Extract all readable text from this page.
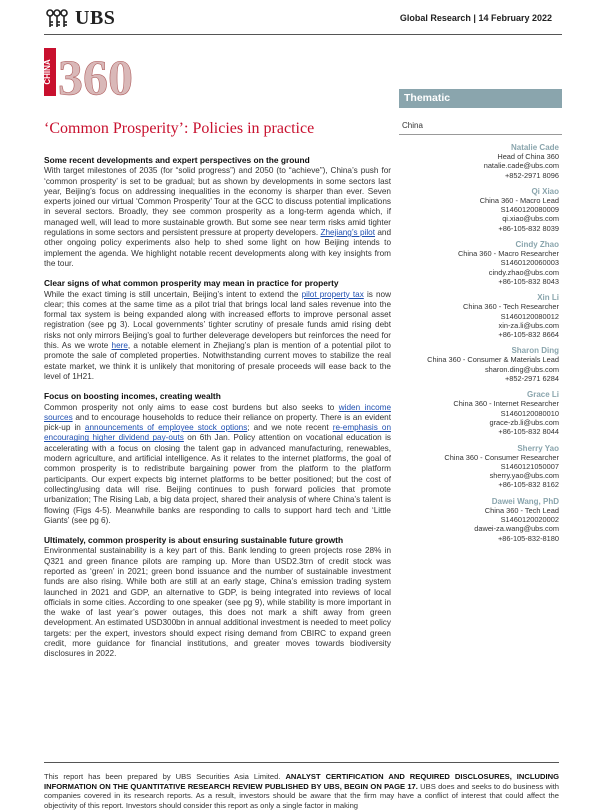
UBS	Global Research | 14 February 2022
CHINA 360
‘Common Prosperity’: Policies in practice
Some recent developments and expert perspectives on the ground

With target milestones of 2035 (for “solid progress”) and 2050 (to “achieve”), China’s push for ‘common prosperity’ is set to be gradual; but as shown by developments in some sectors last year, Beijing’s focus on addressing inequalities in the economy is sharper than ever. Seven experts joined our virtual ‘Common Prosperity’ Tour at the GCC to discuss potential implications in several sectors. Broadly, they see common prosperity as a long-term agenda which, if managed well, will lead to more sustainable growth. But some see near term risks amid tighter regulations in some sectors and persistent pressure at property developers. Zhejiang’s pilot and other ongoing policy experiments also help to shed some light on how Beijing intends to implement the agenda. We highlight notable recent developments along with key insights from the tour.

Clear signs of what common prosperity may mean in practice for property

While the exact timing is still uncertain, Beijing’s intent to extend the pilot property tax is now clear; this comes at the same time as a pilot trial that brings local land sales revenue into the formal tax system is being expanded along with increased efforts to improve personal asset registration (see pg 3). Local governments’ tighter scrutiny of presale funds amid rising debt risks not only mirrors Beijing’s goal to further deleverage developers but reinforces the need for this. As we wrote here, a notable element in Zhejiang’s plan is mention of a potential pilot to promote the sale of completed properties. Notwithstanding current moves to stabilize the real estate market, we think it is unlikely that monitoring of presale proceeds will ease back to the level of 1H21.

Focus on boosting incomes, creating wealth

Common prosperity not only aims to ease cost burdens but also seeks to widen income sources and to encourage households to reduce their reliance on property. There is an evident pick-up in announcements of employee stock options; and we note recent re-emphasis on encouraging higher dividend pay-outs on 6th Jan. Policy attention on vocational education is accelerating with a focus on closing the talent gap in advanced manufacturing, renewables, modern agriculture, and artificial intelligence. As it relates to the internet platforms, the goal of common prosperity is to redistribute bargaining power from the platform to the platform participants. Our expert expects big internet platforms to be better positioned; but the cost of collecting/using data will rise. Beijing continues to push forward policies that promote urbanization; The Rising Lab, a big data project, shared their analysis of where China’s talent is flowing (Figs 4-5). Meanwhile banks are responding to calls to support hard tech and ‘Little Giants’ (see pg 6).

Ultimately, common prosperity is about ensuring sustainable future growth

Environmental sustainability is a key part of this. Bank lending to green projects rose 28% in Q321 and green finance pilots are ramping up. More than USD2.3trn of credit stock was reported as ‘green’ in 2021; green bond issuance and the number of sustainable investment funds are also rising. While both are still at an early stage, China’s emission trading system launched in 2021 and GDP, an alternative to GDP, is being integrated into reviews of local officials in some cities. According to one speaker (see pg 9), while stability is more important in the wake of last year’s power outages, this does not mark a shift away from green development. An estimated USD300bn in annual additional investment is needed to meet policy targets: per the expert, investors should expect rising demand from CBIRC to expand green credit, more guidance for financial institutions, and greater moves towards biodiversity disclosures in 2022.

Thematic
China
Natalie Cade
Head of China 360
natalie.cade@ubs.com
+852-2971 8096
Qi Xiao
China 360 - Macro Lead
S1460120080009
qi.xiao@ubs.com
+86-105-832 8039
Cindy Zhao
China 360 - Macro Researcher
S1460120060003
cindy.zhao@ubs.com
+86-105-832 8043
Xin Li
China 360 - Tech Researcher
S1460120080012
xin-za.li@ubs.com
+86-105-832 8664
Sharon Ding
China 360 - Consumer & Materials Lead
sharon.ding@ubs.com
+852-2971 6284
Grace Li
China 360 - Internet Researcher
S1460120080010
grace-zb.li@ubs.com
+86-105-832 8044
Sherry Yao
China 360 - Consumer Researcher
S1460121050007
sherry.yao@ubs.com
+86-105-832 8162
Dawei Wang, PhD
China 360 - Tech Lead
S1460120020002
dawei-za.wang@ubs.com
+86-105-832-8180
This report has been prepared by UBS Securities Asia Limited. ANALYST CERTIFICATION AND REQUIRED DISCLOSURES, INCLUDING INFORMATION ON THE QUANTITATIVE RESEARCH REVIEW PUBLISHED BY UBS, BEGIN ON PAGE 17. UBS does and seeks to do business with companies covered in its research reports. As a result, investors should be aware that the firm may have a conflict of interest that could affect the objectivity of this report. Investors should consider this report as only a single factor in making
